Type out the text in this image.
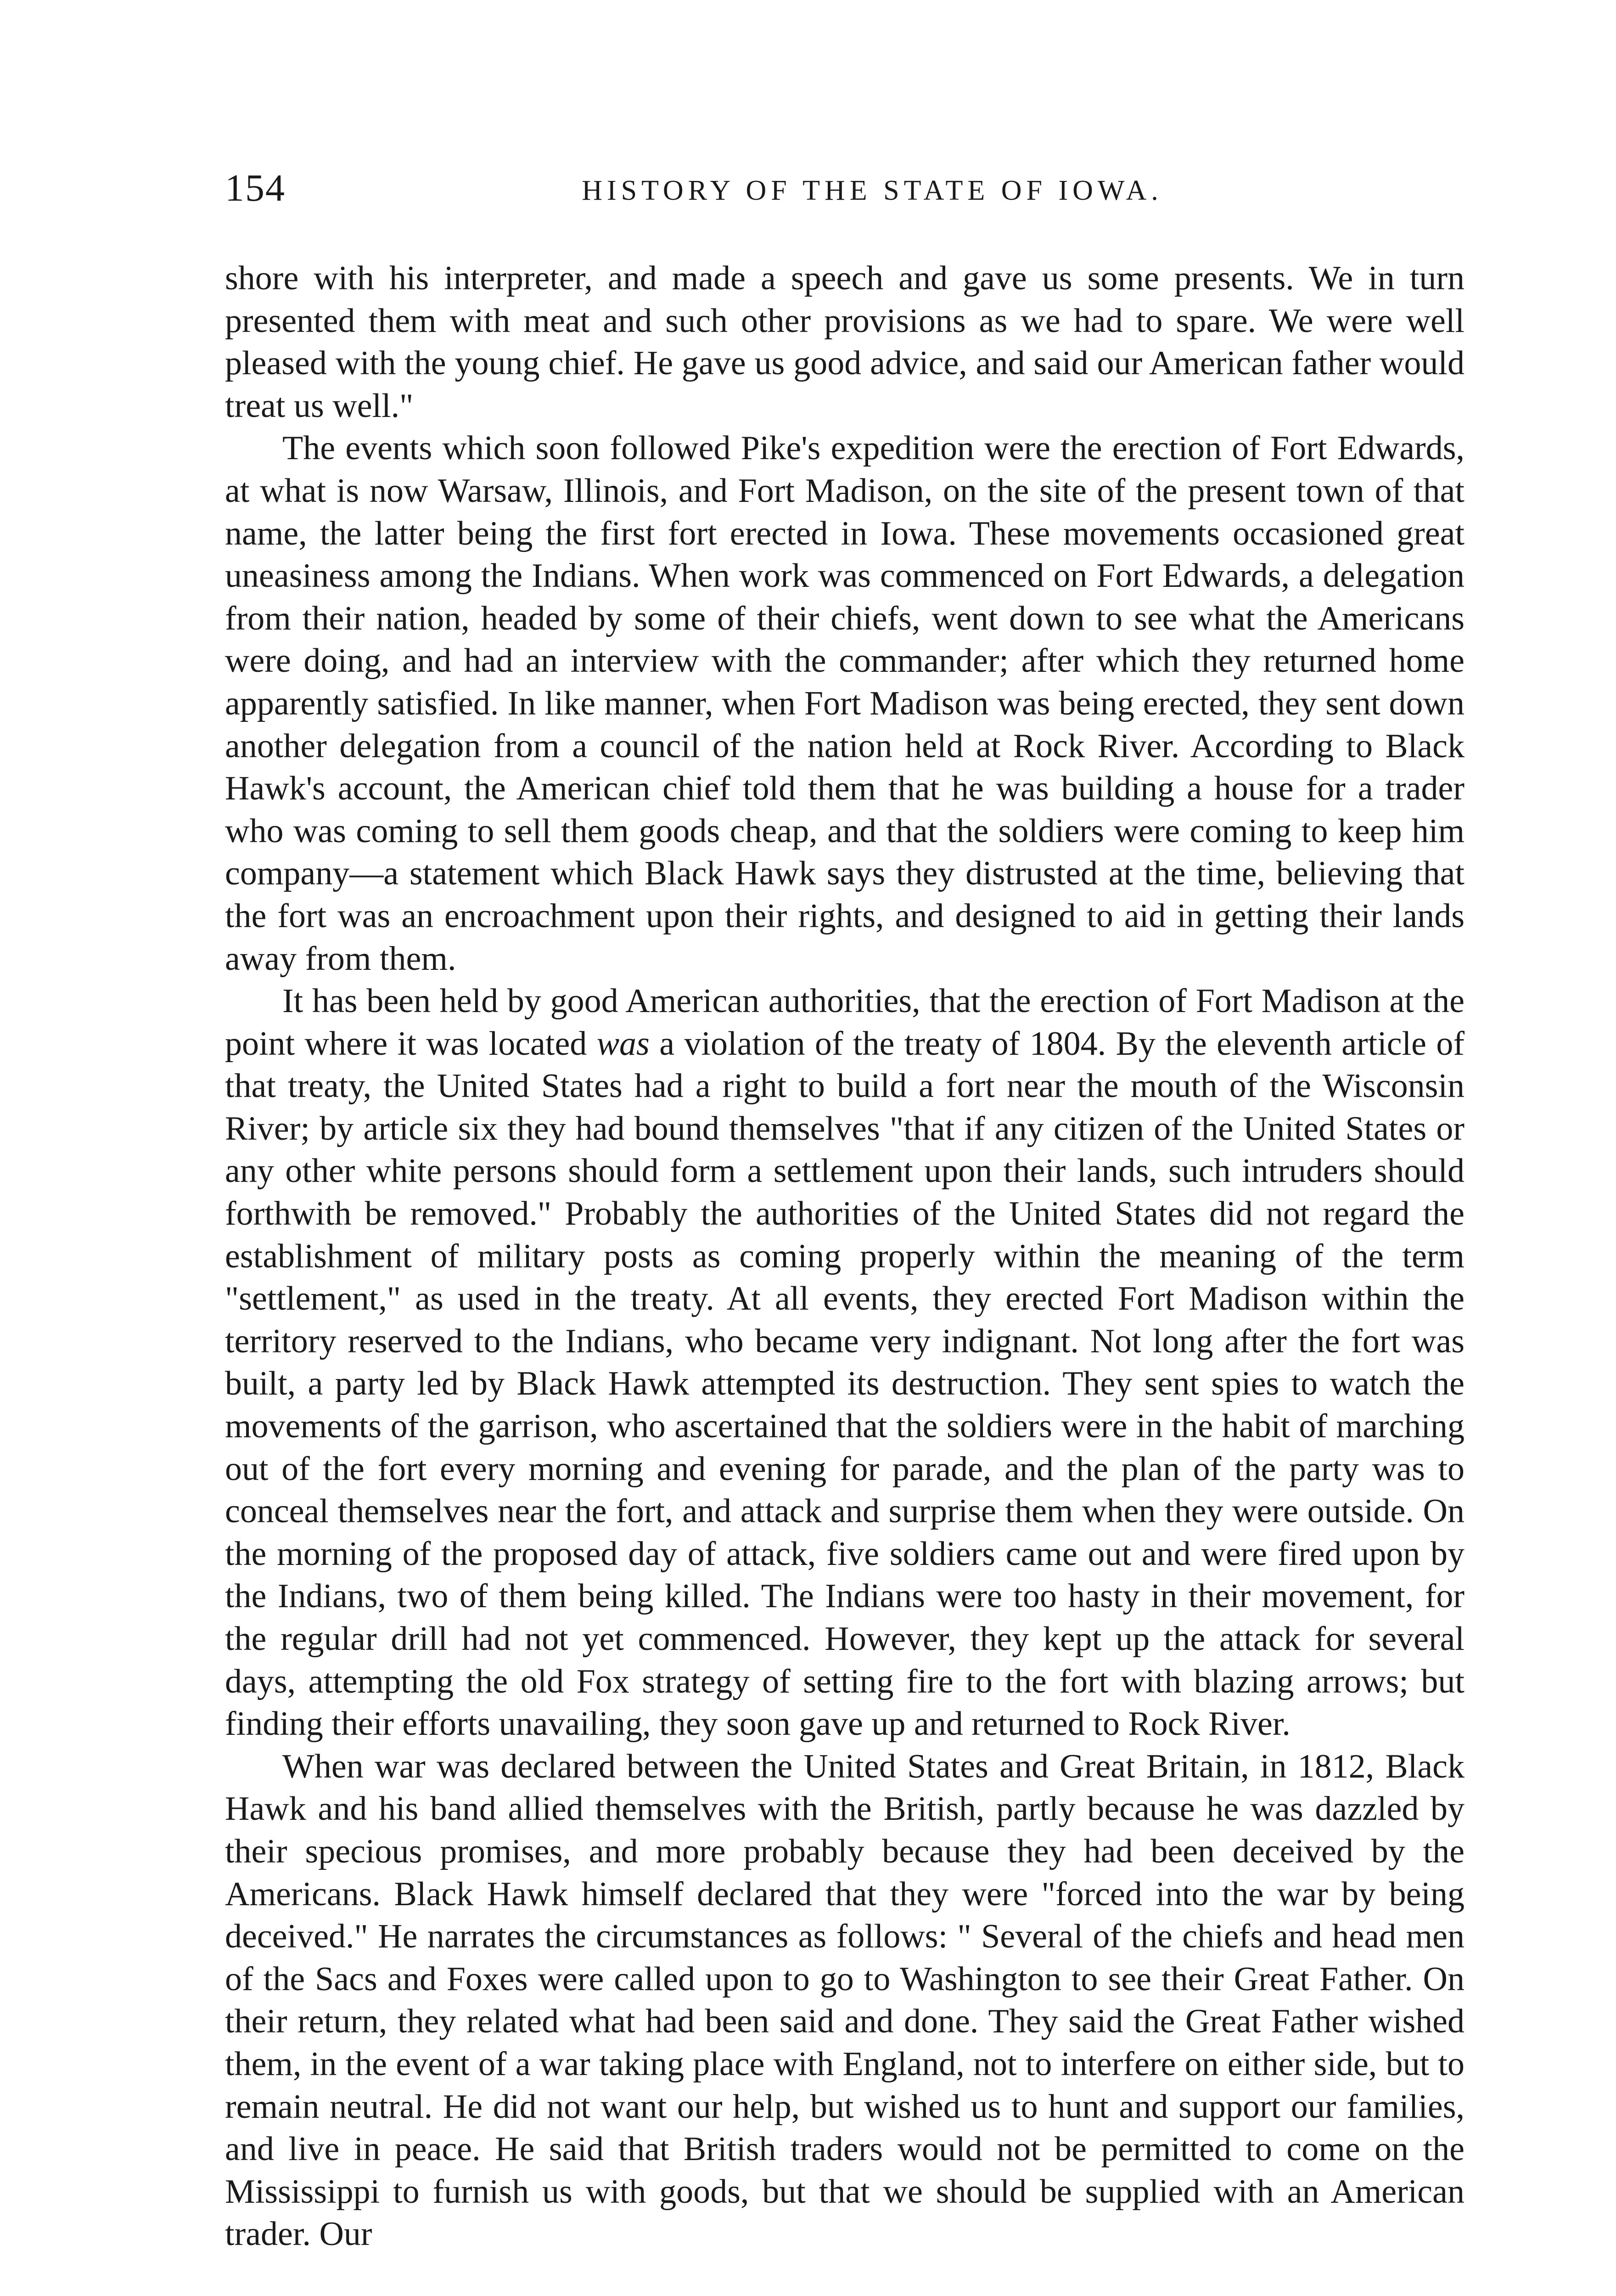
154	HISTORY OF THE STATE OF IOWA.

shore with his interpreter, and made a speech and gave us some presents. We in turn presented them with meat and such other provisions as we had to spare. We were well pleased with the young chief. He gave us good advice, and said our American father would treat us well."

The events which soon followed Pike's expedition were the erection of Fort Edwards, at what is now Warsaw, Illinois, and Fort Madison, on the site of the present town of that name, the latter being the first fort erected in Iowa. These movements occasioned great uneasiness among the Indians. When work was commenced on Fort Edwards, a delegation from their nation, headed by some of their chiefs, went down to see what the Americans were doing, and had an interview with the commander; after which they returned home apparently satisfied. In like manner, when Fort Madison was being erected, they sent down another delegation from a council of the nation held at Rock River. According to Black Hawk's account, the American chief told them that he was building a house for a trader who was coming to sell them goods cheap, and that the soldiers were coming to keep him company—a statement which Black Hawk says they distrusted at the time, believing that the fort was an encroachment upon their rights, and designed to aid in getting their lands away from them.

It has been held by good American authorities, that the erection of Fort Madison at the point where it was located was a violation of the treaty of 1804. By the eleventh article of that treaty, the United States had a right to build a fort near the mouth of the Wisconsin River; by article six they had bound themselves "that if any citizen of the United States or any other white persons should form a settlement upon their lands, such intruders should forthwith be removed." Probably the authorities of the United States did not regard the establishment of military posts as coming properly within the meaning of the term "settlement," as used in the treaty. At all events, they erected Fort Madison within the territory reserved to the Indians, who became very indignant. Not long after the fort was built, a party led by Black Hawk attempted its destruction. They sent spies to watch the movements of the garrison, who ascertained that the soldiers were in the habit of marching out of the fort every morning and evening for parade, and the plan of the party was to conceal themselves near the fort, and attack and surprise them when they were outside. On the morning of the proposed day of attack, five soldiers came out and were fired upon by the Indians, two of them being killed. The Indians were too hasty in their movement, for the regular drill had not yet commenced. However, they kept up the attack for several days, attempting the old Fox strategy of setting fire to the fort with blazing arrows; but finding their efforts unavailing, they soon gave up and returned to Rock River.

When war was declared between the United States and Great Britain, in 1812, Black Hawk and his band allied themselves with the British, partly because he was dazzled by their specious promises, and more probably because they had been deceived by the Americans. Black Hawk himself declared that they were "forced into the war by being deceived." He narrates the circumstances as follows: " Several of the chiefs and head men of the Sacs and Foxes were called upon to go to Washington to see their Great Father. On their return, they related what had been said and done. They said the Great Father wished them, in the event of a war taking place with England, not to interfere on either side, but to remain neutral. He did not want our help, but wished us to hunt and support our families, and live in peace. He said that British traders would not be permitted to come on the Mississippi to furnish us with goods, but that we should be supplied with an American trader. Our
